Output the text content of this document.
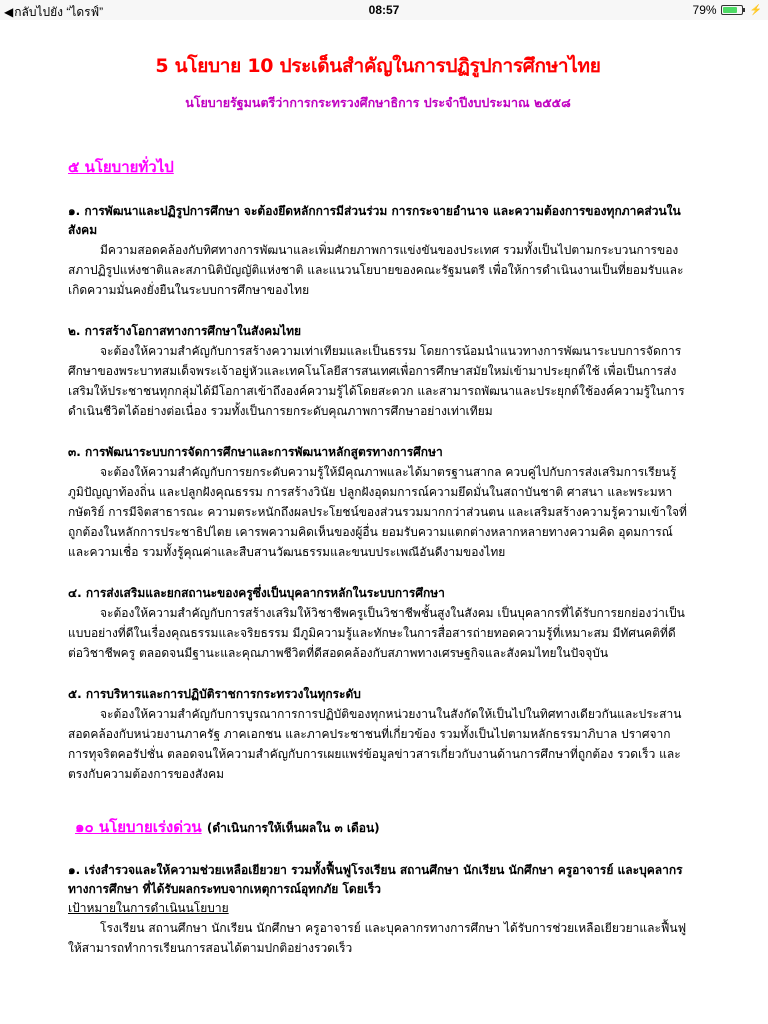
◀กลับไปยัง “ไดรฟ์”	08:57	79%	⚡
5 นโยบาย 10 ประเด็นสำคัญในการปฏิรูปการศึกษาไทย
นโยบายรัฐมนตรีว่าการกระทรวงศึกษาธิการ ประจำปีงบประมาณ ๒๕๕๘
๕ นโยบายทั่วไป

๑. การพัฒนาและปฏิรูปการศึกษา จะต้องยึดหลักการมีส่วนร่วม การกระจายอำนาจ และความต้องการของทุกภาคส่วนในสังคม

มีความสอดคล้องกับทิศทางการพัฒนาและเพิ่มศักยภาพการแข่งขันของประเทศ รวมทั้งเป็นไปตามกระบวนการของสภาปฏิรูปแห่งชาติและสภานิติบัญญัติแห่งชาติ และแนวนโยบายของคณะรัฐมนตรี เพื่อให้การดำเนินงานเป็นที่ยอมรับและเกิดความมั่นคงยั่งยืนในระบบการศึกษาของไทย

๒. การสร้างโอกาสทางการศึกษาในสังคมไทย

จะต้องให้ความสำคัญกับการสร้างความเท่าเทียมและเป็นธรรม โดยการน้อมนำแนวทางการพัฒนาระบบการจัดการศึกษาของพระบาทสมเด็จพระเจ้าอยู่หัวและเทคโนโลยีสารสนเทศเพื่อการศึกษาสมัยใหม่เข้ามาประยุกต์ใช้ เพื่อเป็นการส่งเสริมให้ประชาชนทุกกลุ่มได้มีโอกาสเข้าถึงองค์ความรู้ได้โดยสะดวก และสามารถพัฒนาและประยุกต์ใช้องค์ความรู้ในการดำเนินชีวิตได้อย่างต่อเนื่อง รวมทั้งเป็นการยกระดับคุณภาพการศึกษาอย่างเท่าเทียม

๓. การพัฒนาระบบการจัดการศึกษาและการพัฒนาหลักสูตรทางการศึกษา

จะต้องให้ความสำคัญกับการยกระดับความรู้ให้มีคุณภาพและได้มาตรฐานสากล ควบคู่ไปกับการส่งเสริมการเรียนรู้ภูมิปัญญาท้องถิ่น และปลูกฝังคุณธรรม การสร้างวินัย ปลูกฝังอุดมการณ์ความยึดมั่นในสถาบันชาติ ศาสนา และพระมหากษัตริย์ การมีจิตสาธารณะ ความตระหนักถึงผลประโยชน์ของส่วนรวมมากกว่าส่วนตน และเสริมสร้างความรู้ความเข้าใจที่ถูกต้องในหลักการประชาธิปไตย เคารพความคิดเห็นของผู้อื่น ยอมรับความแตกต่างหลากหลายทางความคิด อุดมการณ์ และความเชื่อ รวมทั้งรู้คุณค่าและสืบสานวัฒนธรรมและขนบประเพณีอันดีงามของไทย

๔. การส่งเสริมและยกสถานะของครูซึ่งเป็นบุคลากรหลักในระบบการศึกษา

จะต้องให้ความสำคัญกับการสร้างเสริมให้วิชาชีพครูเป็นวิชาชีพชั้นสูงในสังคม เป็นบุคลากรที่ได้รับการยกย่องว่าเป็นแบบอย่างที่ดีในเรื่องคุณธรรมและจริยธรรม มีภูมิความรู้และทักษะในการสื่อสารถ่ายทอดความรู้ที่เหมาะสม มีทัศนคติที่ดีต่อวิชาชีพครู ตลอดจนมีฐานะและคุณภาพชีวิตที่ดีสอดคล้องกับสภาพทางเศรษฐกิจและสังคมไทยในปัจจุบัน

๕. การบริหารและการปฏิบัติราชการกระทรวงในทุกระดับ

จะต้องให้ความสำคัญกับการบูรณาการการปฏิบัติของทุกหน่วยงานในสังกัดให้เป็นไปในทิศทางเดียวกันและประสานสอดคล้องกับหน่วยงานภาครัฐ ภาคเอกชน และภาคประชาชนที่เกี่ยวข้อง รวมทั้งเป็นไปตามหลักธรรมาภิบาล ปราศจากการทุจริตคอรัปชั่น ตลอดจนให้ความสำคัญกับการเผยแพร่ข้อมูลข่าวสารเกี่ยวกับงานด้านการศึกษาที่ถูกต้อง รวดเร็ว และตรงกับความต้องการของสังคม

๑๐ นโยบายเร่งด่วน (ดำเนินการให้เห็นผลใน ๓ เดือน)

๑. เร่งสำรวจและให้ความช่วยเหลือเยียวยา รวมทั้งฟื้นฟูโรงเรียน สถานศึกษา นักเรียน นักศึกษา ครูอาจารย์ และบุคลากรทางการศึกษา ที่ได้รับผลกระทบจากเหตุการณ์อุทกภัย โดยเร็ว

เป้าหมายในการดำเนินนโยบาย

โรงเรียน สถานศึกษา นักเรียน นักศึกษา ครูอาจารย์ และบุคลากรทางการศึกษา ได้รับการช่วยเหลือเยียวยาและฟื้นฟู ให้สามารถทำการเรียนการสอนได้ตามปกติอย่างรวดเร็ว
